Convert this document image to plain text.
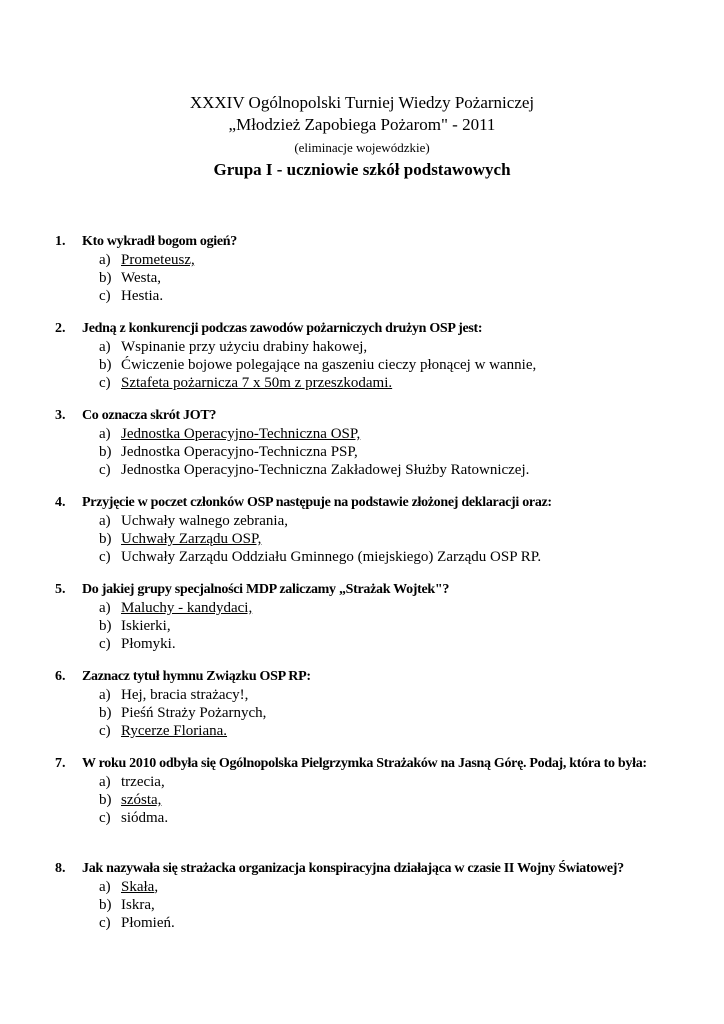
XXXIV Ogólnopolski Turniej Wiedzy Pożarniczej
„Młodzież Zapobiega Pożarom" - 2011
(eliminacje wojewódzkie)
Grupa I - uczniowie szkół podstawowych
1. Kto wykradł bogom ogień?
a) Prometeusz,
b) Westa,
c) Hestia.
2. Jedną z konkurencji podczas zawodów pożarniczych drużyn OSP jest:
a) Wspinanie przy użyciu drabiny hakowej,
b) Ćwiczenie bojowe polegające na gaszeniu cieczy płonącej w wannie,
c) Sztafeta pożarnicza 7 x 50m z przeszkodami.
3. Co oznacza skrót JOT?
a) Jednostka Operacyjno-Techniczna OSP,
b) Jednostka Operacyjno-Techniczna PSP,
c) Jednostka Operacyjno-Techniczna Zakładowej Służby Ratowniczej.
4. Przyjęcie w poczet członków OSP następuje na podstawie złożonej deklaracji oraz:
a) Uchwały walnego zebrania,
b) Uchwały Zarządu OSP,
c) Uchwały Zarządu Oddziału Gminnego (miejskiego) Zarządu OSP RP.
5. Do jakiej grupy specjalności MDP zaliczamy „Strażak Wojtek"?
a) Maluchy - kandydaci,
b) Iskierki,
c) Płomyki.
6. Zaznacz tytuł hymnu Związku OSP RP:
a) Hej, bracia strażacy!,
b) Pieśń Straży Pożarnych,
c) Rycerze Floriana.
7. W roku 2010 odbyła się Ogólnopolska Pielgrzymka Strażaków na Jasną Górę. Podaj, która to była:
a) trzecia,
b) szósta,
c) siódma.
8. Jak nazywała się strażacka organizacja konspiracyjna działająca w czasie II Wojny Światowej?
a) Skała,
b) Iskra,
c) Płomień.
